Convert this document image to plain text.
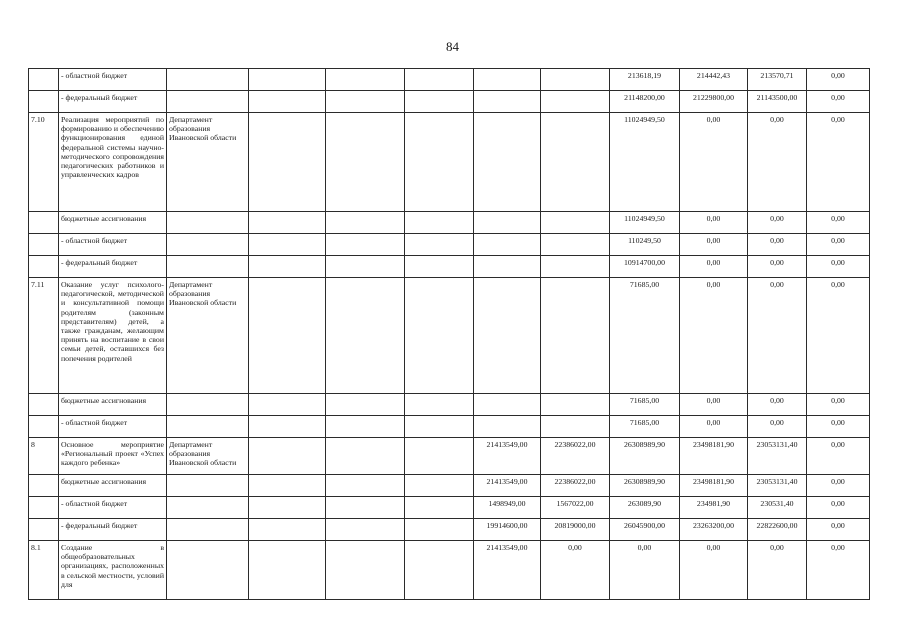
84
	- областной бюджет							213618,19	214442,43	213570,71	0,00
	- федеральный бюджет							21148200,00	21229800,00	21143500,00	0,00
7.10	Реализация мероприятий по формированию и обеспечению функционирования единой федеральной системы научно-методического сопровождения педагогических работников и управленческих кадров	Департамент образования Ивановской области						11024949,50	0,00	0,00	0,00
	бюджетные ассигнования							11024949,50	0,00	0,00	0,00
	- областной бюджет							110249,50	0,00	0,00	0,00
	- федеральный бюджет							10914700,00	0,00	0,00	0,00
7.11	Оказание услуг психолого-педагогической, методической и консультативной помощи родителям (законным представителям) детей, а также гражданам, желающим принять на воспитание в свои семьи детей, оставшихся без попечения родителей	Департамент образования Ивановской области						71685,00	0,00	0,00	0,00
	бюджетные ассигнования							71685,00	0,00	0,00	0,00
	- областной бюджет							71685,00	0,00	0,00	0,00
8	Основное мероприятие «Региональный проект «Успех каждого ребенка»	Департамент образования Ивановской области				21413549,00	22386022,00	26308989,90	23498181,90	23053131,40	0,00
	бюджетные ассигнования					21413549,00	22386022,00	26308989,90	23498181,90	23053131,40	0,00
	- областной бюджет					1498949,00	1567022,00	263089,90	234981,90	230531,40	0,00
	- федеральный бюджет					19914600,00	20819000,00	26045900,00	23263200,00	22822600,00	0,00
8.1	Создание в общеобразовательных организациях, расположенных в сельской местности, условий для					21413549,00	0,00	0,00	0,00	0,00	0,00
